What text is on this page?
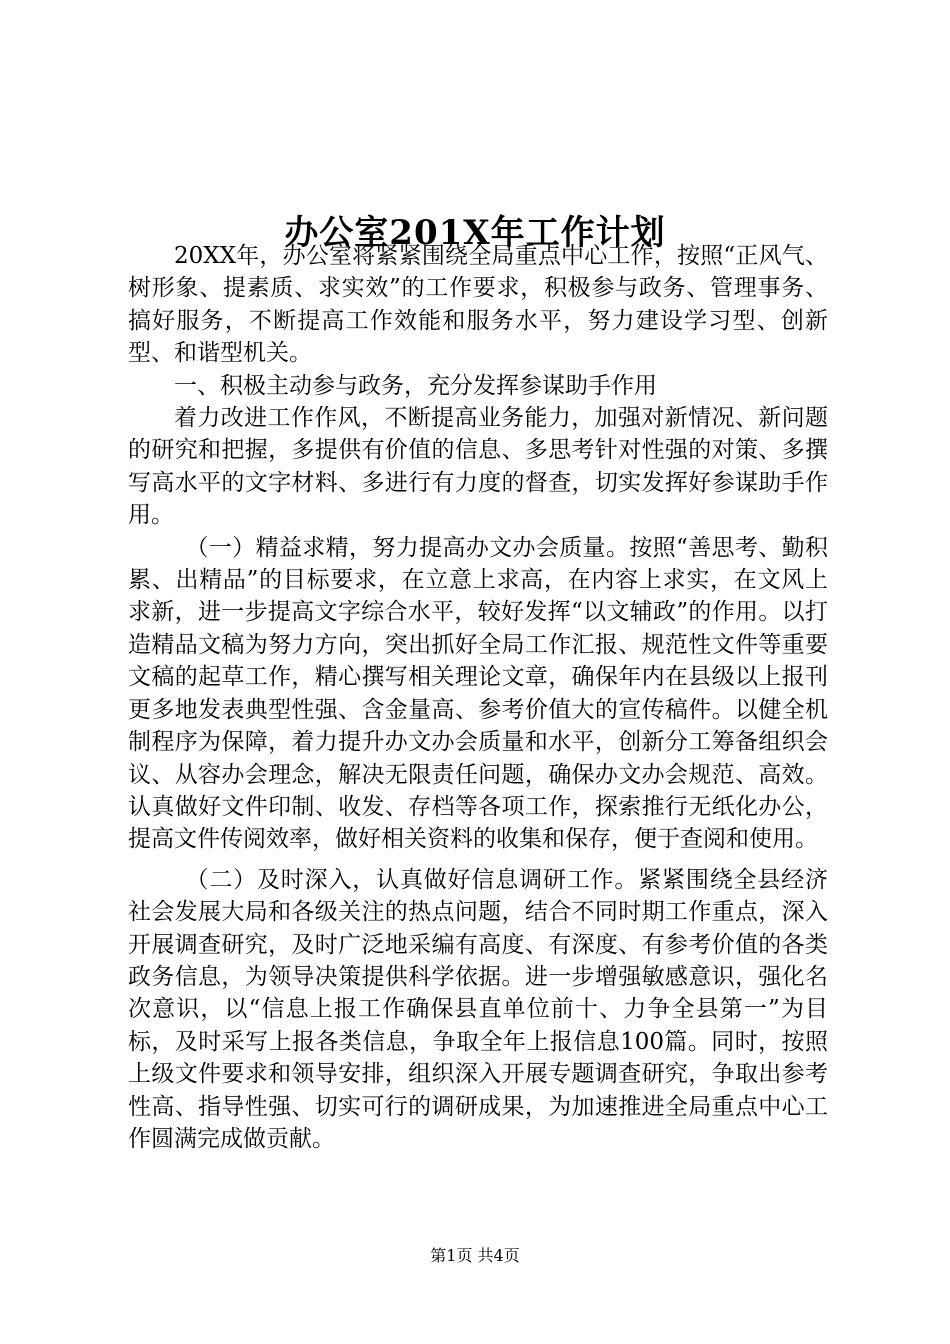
办公室201X年工作计划

20XX年，办公室将紧紧围绕全局重点中心工作，按照“正风气、树形象、提素质、求实效”的工作要求，积极参与政务、管理事务、搞好服务，不断提高工作效能和服务水平，努力建设学习型、创新型、和谐型机关。

一、积极主动参与政务，充分发挥参谋助手作用

着力改进工作作风，不断提高业务能力，加强对新情况、新问题的研究和把握，多提供有价值的信息、多思考针对性强的对策、多撰写高水平的文字材料、多进行有力度的督查，切实发挥好参谋助手作用。

（一）精益求精，努力提高办文办会质量。按照“善思考、勤积累、出精品”的目标要求，在立意上求高，在内容上求实，在文风上求新，进一步提高文字综合水平，较好发挥“以文辅政”的作用。以打造精品文稿为努力方向，突出抓好全局工作汇报、规范性文件等重要文稿的起草工作，精心撰写相关理论文章，确保年内在县级以上报刊更多地发表典型性强、含金量高、参考价值大的宣传稿件。以健全机制程序为保障，着力提升办文办会质量和水平，创新分工筹备组织会议、从容办会理念，解决无限责任问题，确保办文办会规范、高效。认真做好文件印制、收发、存档等各项工作，探索推行无纸化办公，提高文件传阅效率，做好相关资料的收集和保存，便于查阅和使用。

（二）及时深入，认真做好信息调研工作。紧紧围绕全县经济社会发展大局和各级关注的热点问题，结合不同时期工作重点，深入开展调查研究，及时广泛地采编有高度、有深度、有参考价值的各类政务信息，为领导决策提供科学依据。进一步增强敏感意识，强化名次意识，以“信息上报工作确保县直单位前十、力争全县第一”为目标，及时采写上报各类信息，争取全年上报信息100篇。同时，按照上级文件要求和领导安排，组织深入开展专题调查研究，争取出参考性高、指导性强、切实可行的调研成果，为加速推进全局重点中心工作圆满完成做贡献。

第1页 共4页
